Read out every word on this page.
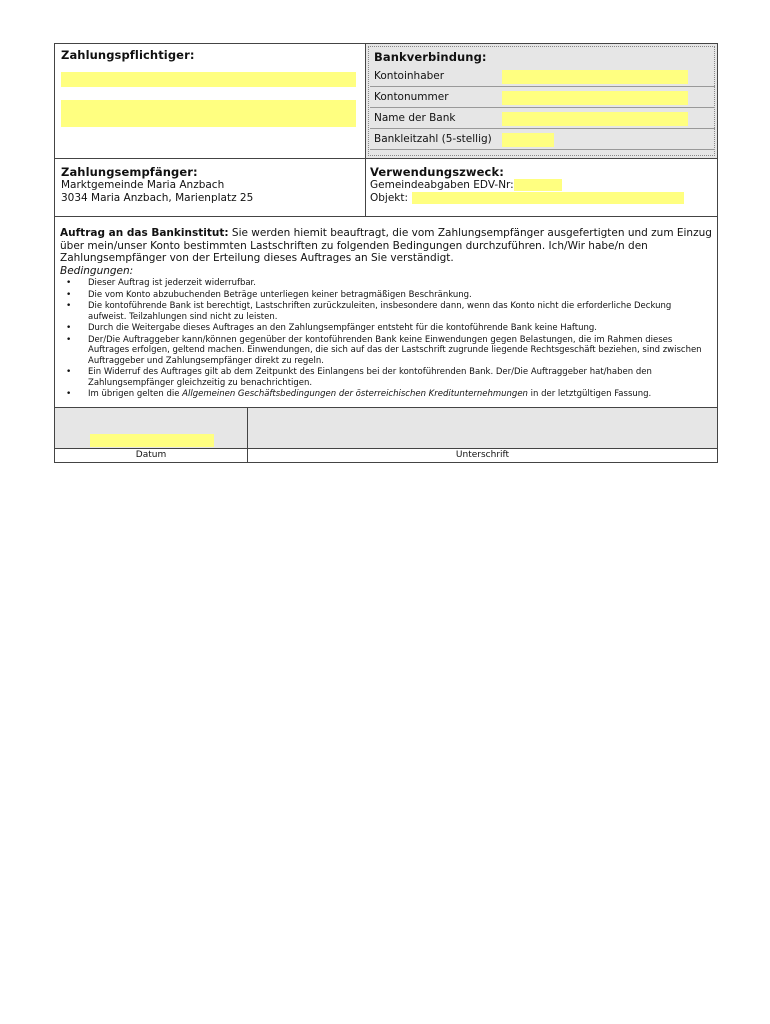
Zahlungspflichtiger:	Bankverbindung:
Kontoinhaber
Kontonummer
Name der Bank
Bankleitzahl (5-stellig)
Zahlungsempfänger:
Marktgemeinde Maria Anzbach
3034 Maria Anzbach, Marienplatz 25
Verwendungszweck:
Gemeindeabgaben EDV-Nr:
Objekt:
Auftrag an das Bankinstitut: Sie werden hiemit beauftragt, die vom Zahlungsempfänger ausgefertigten und zum Einzug über mein/unser Konto bestimmten Lastschriften zu folgenden Bedingungen durchzuführen. Ich/Wir habe/n den Zahlungsempfänger von der Erteilung dieses Auftrages an Sie verständigt.
Bedingungen:
• Dieser Auftrag ist jederzeit widerrufbar.
• Die vom Konto abzubuchenden Beträge unterliegen keiner betragmäßigen Beschränkung.
• Die kontoführende Bank ist berechtigt, Lastschriften zurückzuleiten, insbesondere dann, wenn das Konto nicht die erforderliche Deckung aufweist. Teilzahlungen sind nicht zu leisten.
• Durch die Weitergabe dieses Auftrages an den Zahlungsempfänger entsteht für die kontoführende Bank keine Haftung.
• Der/Die Auftraggeber kann/können gegenüber der kontoführenden Bank keine Einwendungen gegen Belastungen, die im Rahmen dieses Auftrages erfolgen, geltend machen. Einwendungen, die sich auf das der Lastschrift zugrunde liegende Rechtsgeschäft beziehen, sind zwischen Auftraggeber und Zahlungsempfänger direkt zu regeln.
• Ein Widerruf des Auftrages gilt ab dem Zeitpunkt des Einlangens bei der kontoführenden Bank. Der/Die Auftraggeber hat/haben den Zahlungsempfänger gleichzeitig zu benachrichtigen.
• Im übrigen gelten die Allgemeinen Geschäftsbedingungen der österreichischen Kreditunternehmungen in der letztgültigen Fassung.
Datum	Unterschrift
